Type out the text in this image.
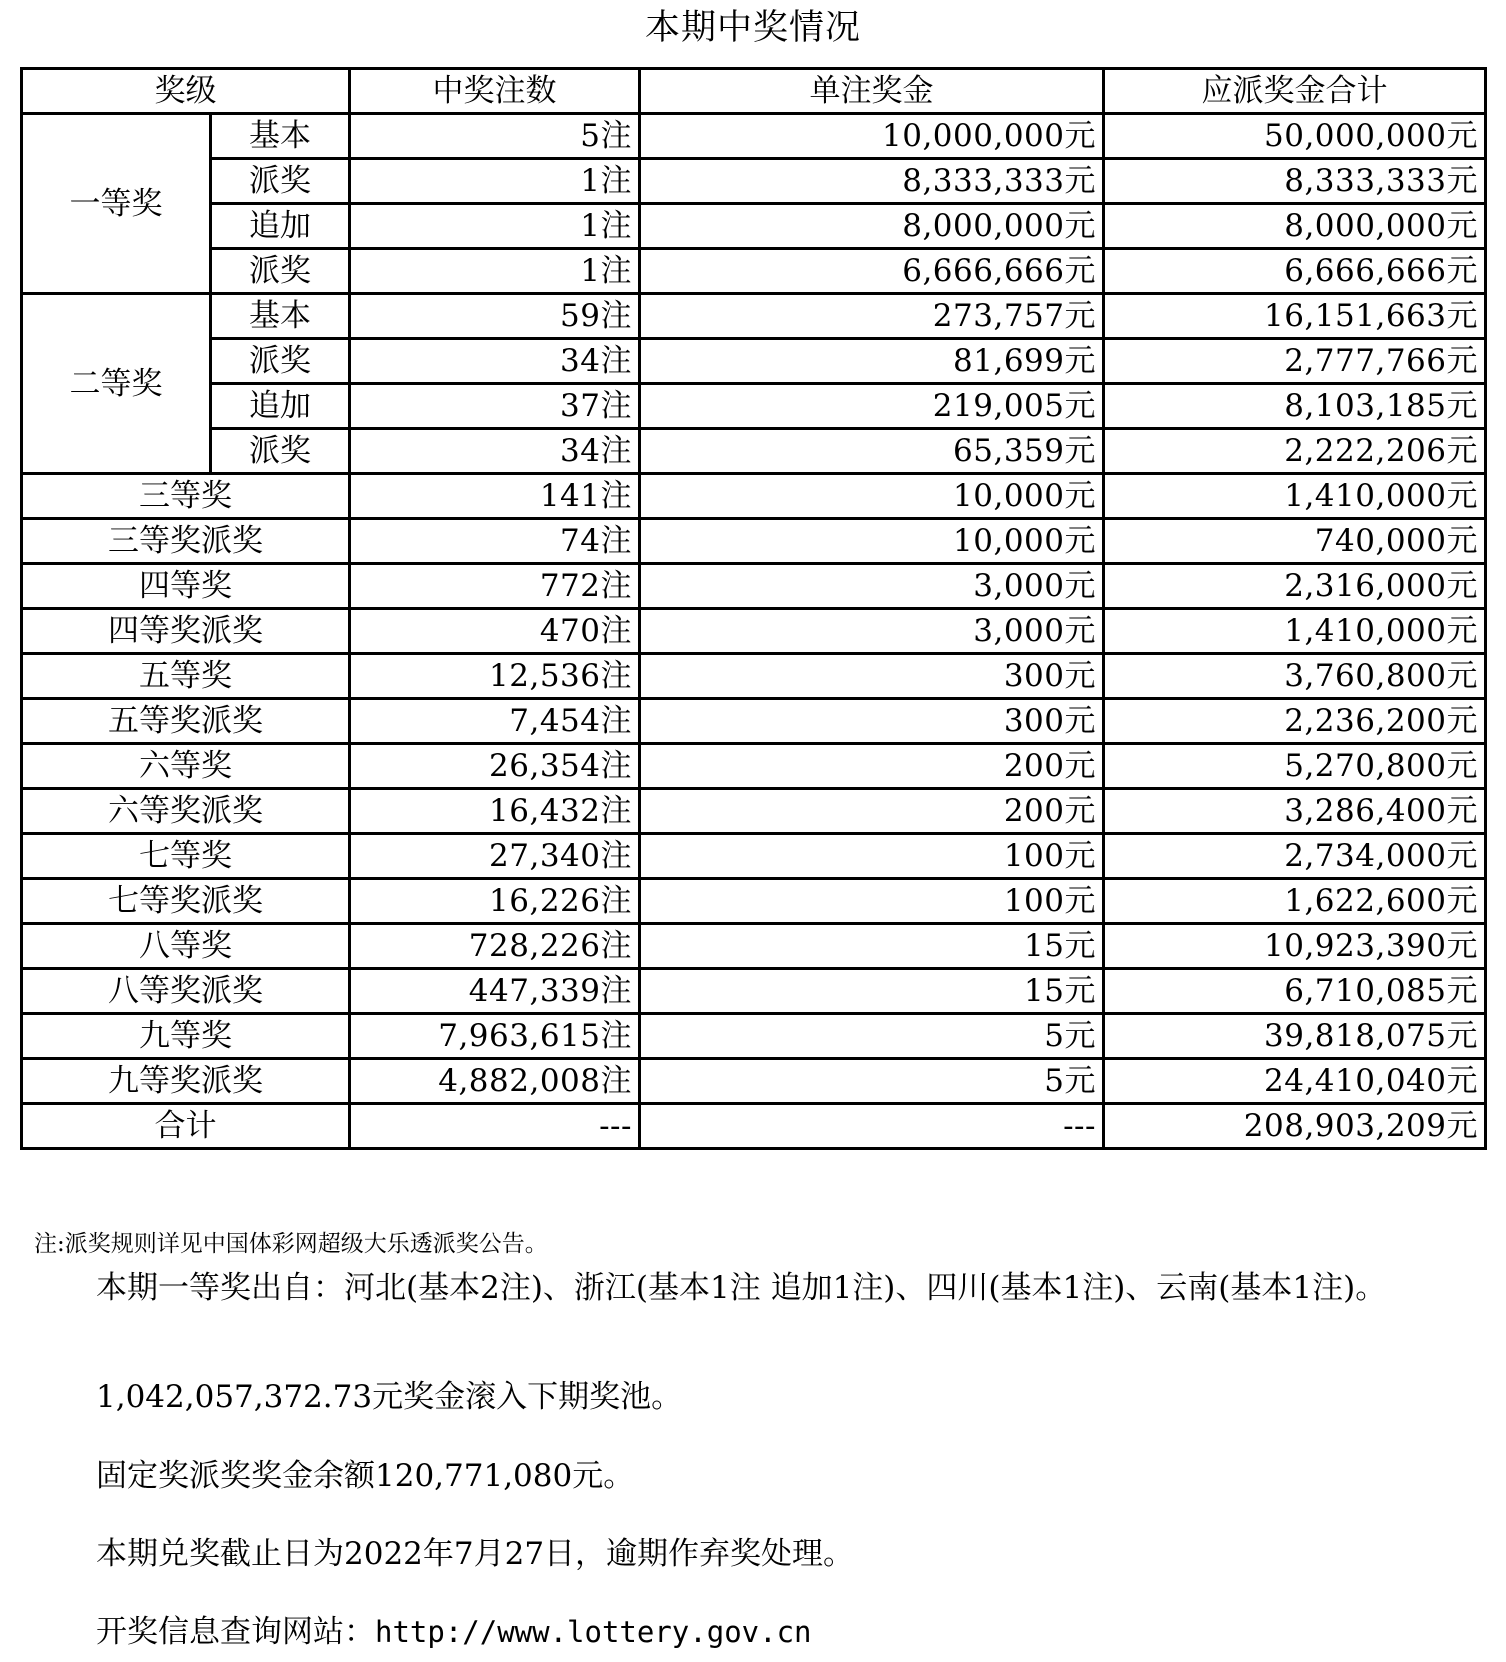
本期中奖情况
奖级		中奖注数	单注奖金	应派奖金合计
一等奖	基本	5注	10,000,000元	50,000,000元
	派奖	1注	8,333,333元	8,333,333元
	追加	1注	8,000,000元	8,000,000元
	派奖	1注	6,666,666元	6,666,666元
二等奖	基本	59注	273,757元	16,151,663元
	派奖	34注	81,699元	2,777,766元
	追加	37注	219,005元	8,103,185元
	派奖	34注	65,359元	2,222,206元
三等奖		141注	10,000元	1,410,000元
三等奖派奖		74注	10,000元	740,000元
四等奖		772注	3,000元	2,316,000元
四等奖派奖		470注	3,000元	1,410,000元
五等奖		12,536注	300元	3,760,800元
五等奖派奖		7,454注	300元	2,236,200元
六等奖		26,354注	200元	5,270,800元
六等奖派奖		16,432注	200元	3,286,400元
七等奖		27,340注	100元	2,734,000元
七等奖派奖		16,226注	100元	1,622,600元
八等奖		728,226注	15元	10,923,390元
八等奖派奖		447,339注	15元	6,710,085元
九等奖		7,963,615注	5元	39,818,075元
九等奖派奖		4,882,008注	5元	24,410,040元
合计		---	---	208,903,209元
注:派奖规则详见中国体彩网超级大乐透派奖公告。
本期一等奖出自：河北(基本2注)、浙江(基本1注 追加1注)、四川(基本1注)、云南(基本1注)。
1,042,057,372.73元奖金滚入下期奖池。
固定奖派奖奖金余额120,771,080元。
本期兑奖截止日为2022年7月27日，逾期作弃奖处理。
开奖信息查询网站：http://www.lottery.gov.cn
